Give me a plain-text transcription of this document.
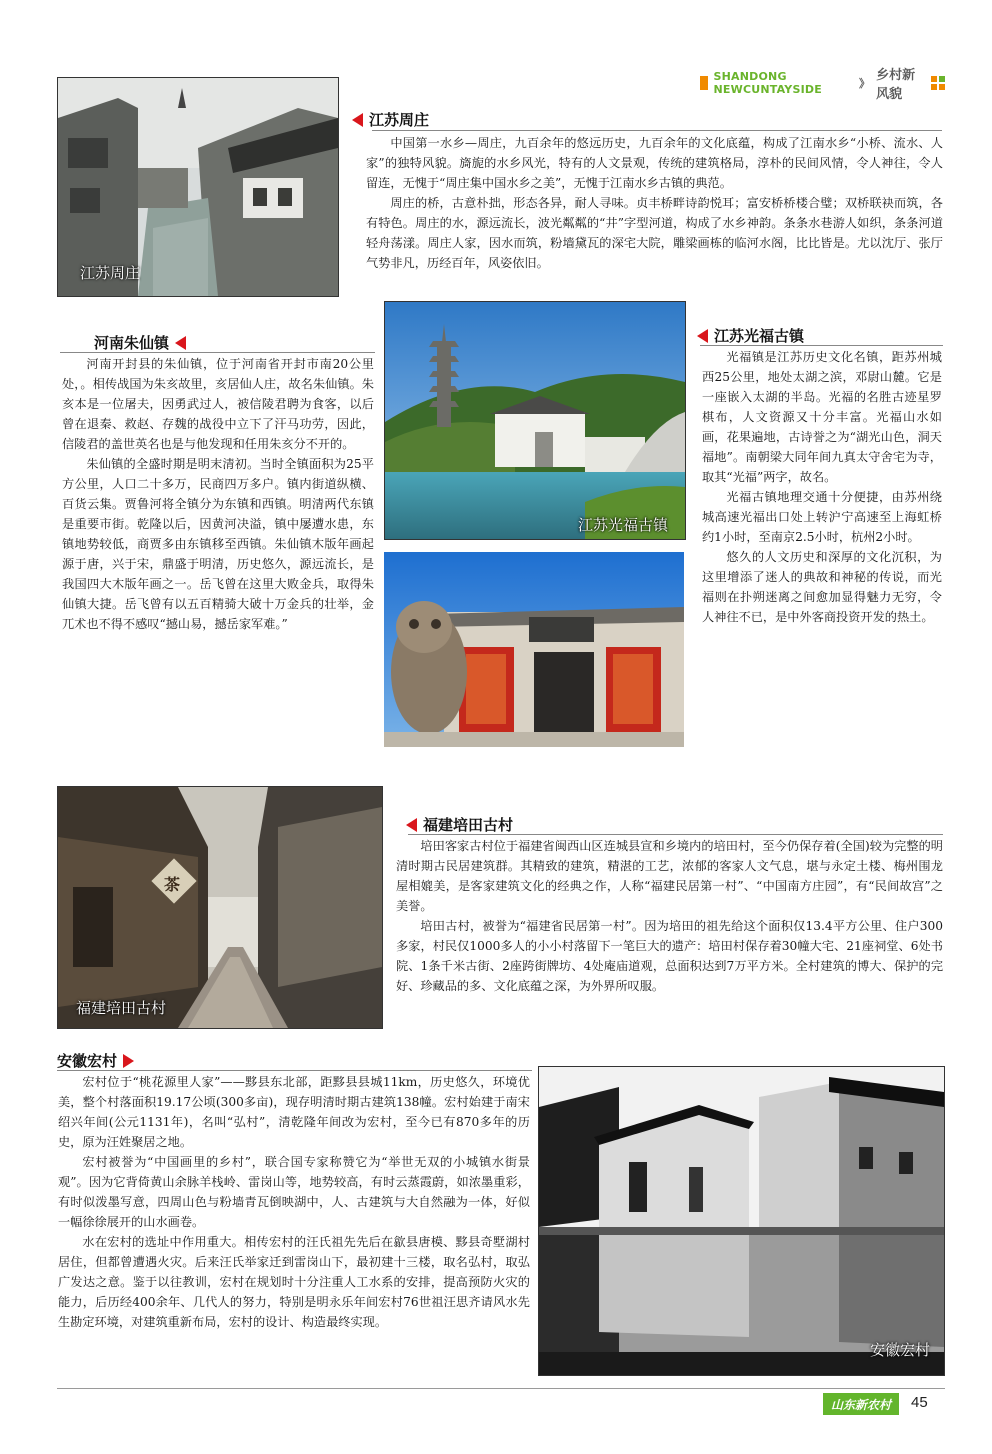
SHANDONG NEWCUNTAYSIDE	》
乡村新风貌
江苏周庄
江苏周庄

中国第一水乡—周庄，九百余年的悠远历史，九百余年的文化底蕴，构成了江南水乡“小桥、流水、人家”的独特风貌。旖旎的水乡风光，特有的人文景观，传统的建筑格局，淳朴的民间风情，令人神往，令人留连，无愧于“周庄集中国水乡之美”，无愧于江南水乡古镇的典范。

周庄的桥，古意朴拙，形态各异，耐人寻味。贞丰桥畔诗韵悦耳；富安桥桥楼合璧；双桥联袂而筑，各有特色。周庄的水，源远流长，波光粼粼的“井”字型河道，构成了水乡神韵。条条水巷游人如织，条条河道轻舟荡漾。周庄人家，因水而筑，粉墙黛瓦的深宅大院，雕梁画栋的临河水阁，比比皆是。尤以沈厅、张厅气势非凡，历经百年，风姿依旧。

河南朱仙镇

河南开封县的朱仙镇，位于河南省开封市南20公里处，。相传战国为朱亥故里，亥居仙人庄，故名朱仙镇。朱亥本是一位屠夫，因勇武过人，被信陵君聘为食客，以后曾在退秦、救赵、存魏的战役中立下了汗马功劳，因此，信陵君的盖世英名也是与他发现和任用朱亥分不开的。

朱仙镇的全盛时期是明末清初。当时全镇面积为25平方公里，人口二十多万，民商四万多户。镇内街道纵横、百货云集。贾鲁河将全镇分为东镇和西镇。明清两代东镇是重要市街。乾隆以后，因黄河决溢，镇中屡遭水患，东镇地势较低，商贾多由东镇移至西镇。朱仙镇木版年画起源于唐，兴于宋，鼎盛于明清，历史悠久，源远流长，是我国四大木版年画之一。岳飞曾在这里大败金兵，取得朱仙镇大捷。岳飞曾有以五百精骑大破十万金兵的壮举，金兀术也不得不感叹“撼山易，撼岳家军难。”

江苏光福古镇
江苏光福古镇

光福镇是江苏历史文化名镇，距苏州城西25公里，地处太湖之滨，邓尉山麓。它是一座嵌入太湖的半岛。光福的名胜古迹星罗棋布，人文资源又十分丰富。光福山水如画，花果遍地，古诗誉之为“湖光山色，洞天福地”。南朝梁大同年间九真太守舍宅为寺，取其“光福”两字，故名。

光福古镇地理交通十分便捷，由苏州绕城高速光福出口处上转沪宁高速至上海虹桥约1小时，至南京2.5小时，杭州2小时。

悠久的人文历史和深厚的文化沉积，为这里增添了迷人的典故和神秘的传说，而光福则在扑朔迷离之间愈加显得魅力无穷，令人神往不已，是中外客商投资开发的热土。

茶
福建培田古村
福建培田古村

培田客家古村位于福建省闽西山区连城县宣和乡境内的培田村，至今仍保存着(全国)较为完整的明清时期古民居建筑群。其精致的建筑，精湛的工艺，浓郁的客家人文气息，堪与永定土楼、梅州围龙屋相媲美，是客家建筑文化的经典之作，人称“福建民居第一村”、“中国南方庄园”，有“民间故宫”之美誉。

培田古村，被誉为“福建省民居第一村”。因为培田的祖先给这个面积仅13.4平方公里、住户300多家，村民仅1000多人的小小村落留下一笔巨大的遗产：培田村保存着30幢大宅、21座祠堂、6处书院、1条千米古街、2座跨街牌坊、4处庵庙道观，总面积达到7万平方米。全村建筑的博大、保护的完好、珍藏品的多、文化底蕴之深，为外界所叹服。

安徽宏村

宏村位于“桃花源里人家”——黟县东北部，距黟县县城11km，历史悠久，环境优美，整个村落面积19.17公顷(300多亩)，现存明清时期古建筑138幢。宏村始建于南宋绍兴年间(公元1131年)，名叫“弘村”，清乾隆年间改为宏村，至今已有870多年的历史，原为汪姓聚居之地。

宏村被誉为“中国画里的乡村”，联合国专家称赞它为“举世无双的小城镇水街景观”。因为它背倚黄山余脉羊栈岭、雷岗山等，地势较高，有时云蒸霞蔚，如浓墨重彩，有时似泼墨写意，四周山色与粉墙青瓦倒映湖中，人、古建筑与大自然融为一体，好似一幅徐徐展开的山水画卷。

水在宏村的选址中作用重大。相传宏村的汪氏祖先先后在歙县唐模、黟县奇墅湖村居住，但都曾遭遇火灾。后来汪氏举家迁到雷岗山下，最初建十三楼，取名弘村，取弘广发达之意。鉴于以往教训，宏村在规划时十分注重人工水系的安排，提高预防火灾的能力，后历经400余年、几代人的努力，特别是明永乐年间宏村76世祖汪思齐请风水先生勘定环境，对建筑重新布局，宏村的设计、构造最终实现。

安徽宏村
山东新农村	45
